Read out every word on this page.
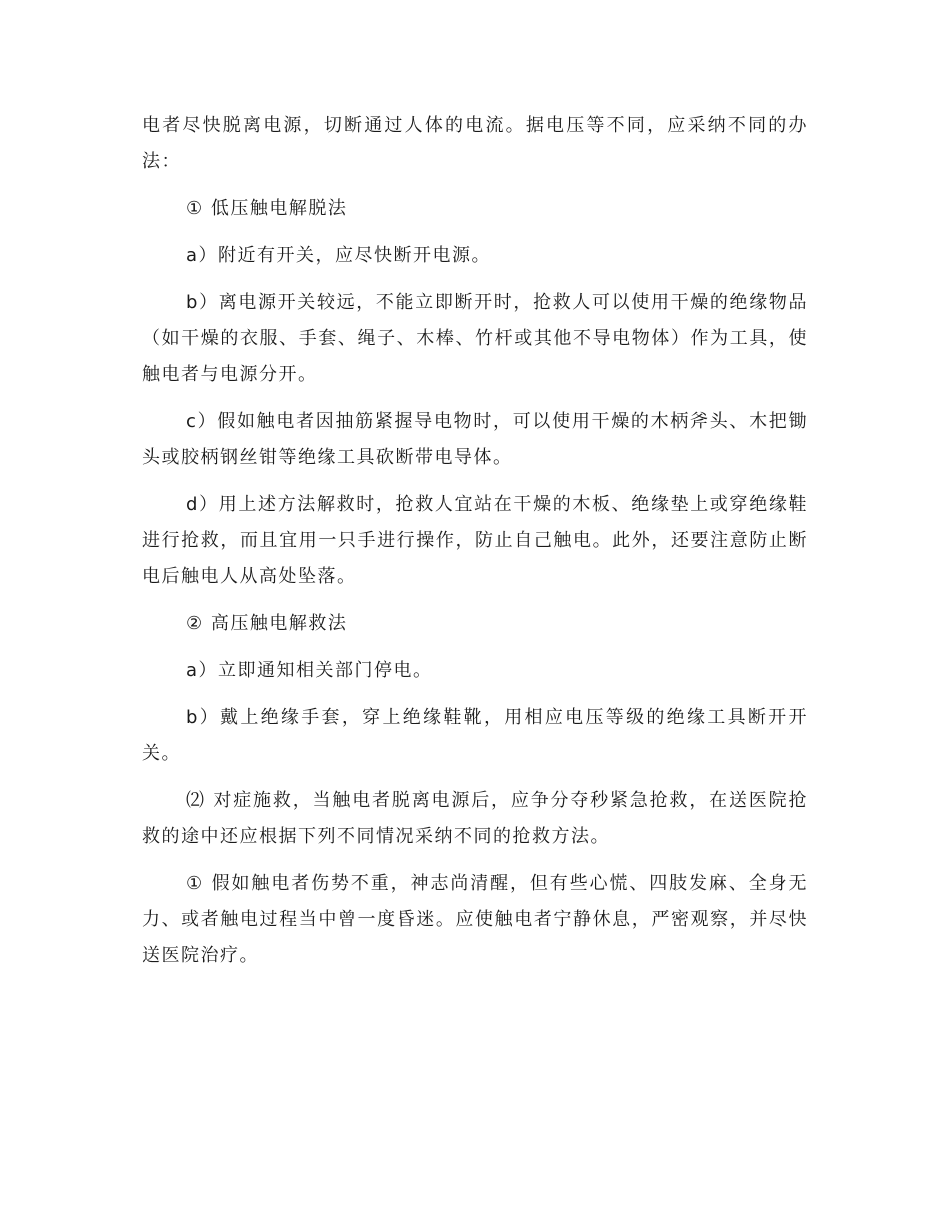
电者尽快脱离电源，切断通过人体的电流。据电压等不同，应采纳不同的办法：

① 低压触电解脱法

a）附近有开关，应尽快断开电源。

b）离电源开关较远，不能立即断开时，抢救人可以使用干燥的绝缘物品（如干燥的衣服、手套、绳子、木棒、竹杆或其他不导电物体）作为工具，使触电者与电源分开。

c）假如触电者因抽筋紧握导电物时，可以使用干燥的木柄斧头、木把锄头或胶柄钢丝钳等绝缘工具砍断带电导体。

d）用上述方法解救时，抢救人宜站在干燥的木板、绝缘垫上或穿绝缘鞋进行抢救，而且宜用一只手进行操作，防止自己触电。此外，还要注意防止断电后触电人从高处坠落。

② 高压触电解救法

a）立即通知相关部门停电。

b）戴上绝缘手套，穿上绝缘鞋靴，用相应电压等级的绝缘工具断开开关。

⑵ 对症施救，当触电者脱离电源后，应争分夺秒紧急抢救，在送医院抢救的途中还应根据下列不同情况采纳不同的抢救方法。

① 假如触电者伤势不重，神志尚清醒，但有些心慌、四肢发麻、全身无力、或者触电过程当中曾一度昏迷。应使触电者宁静休息，严密观察，并尽快送医院治疗。
